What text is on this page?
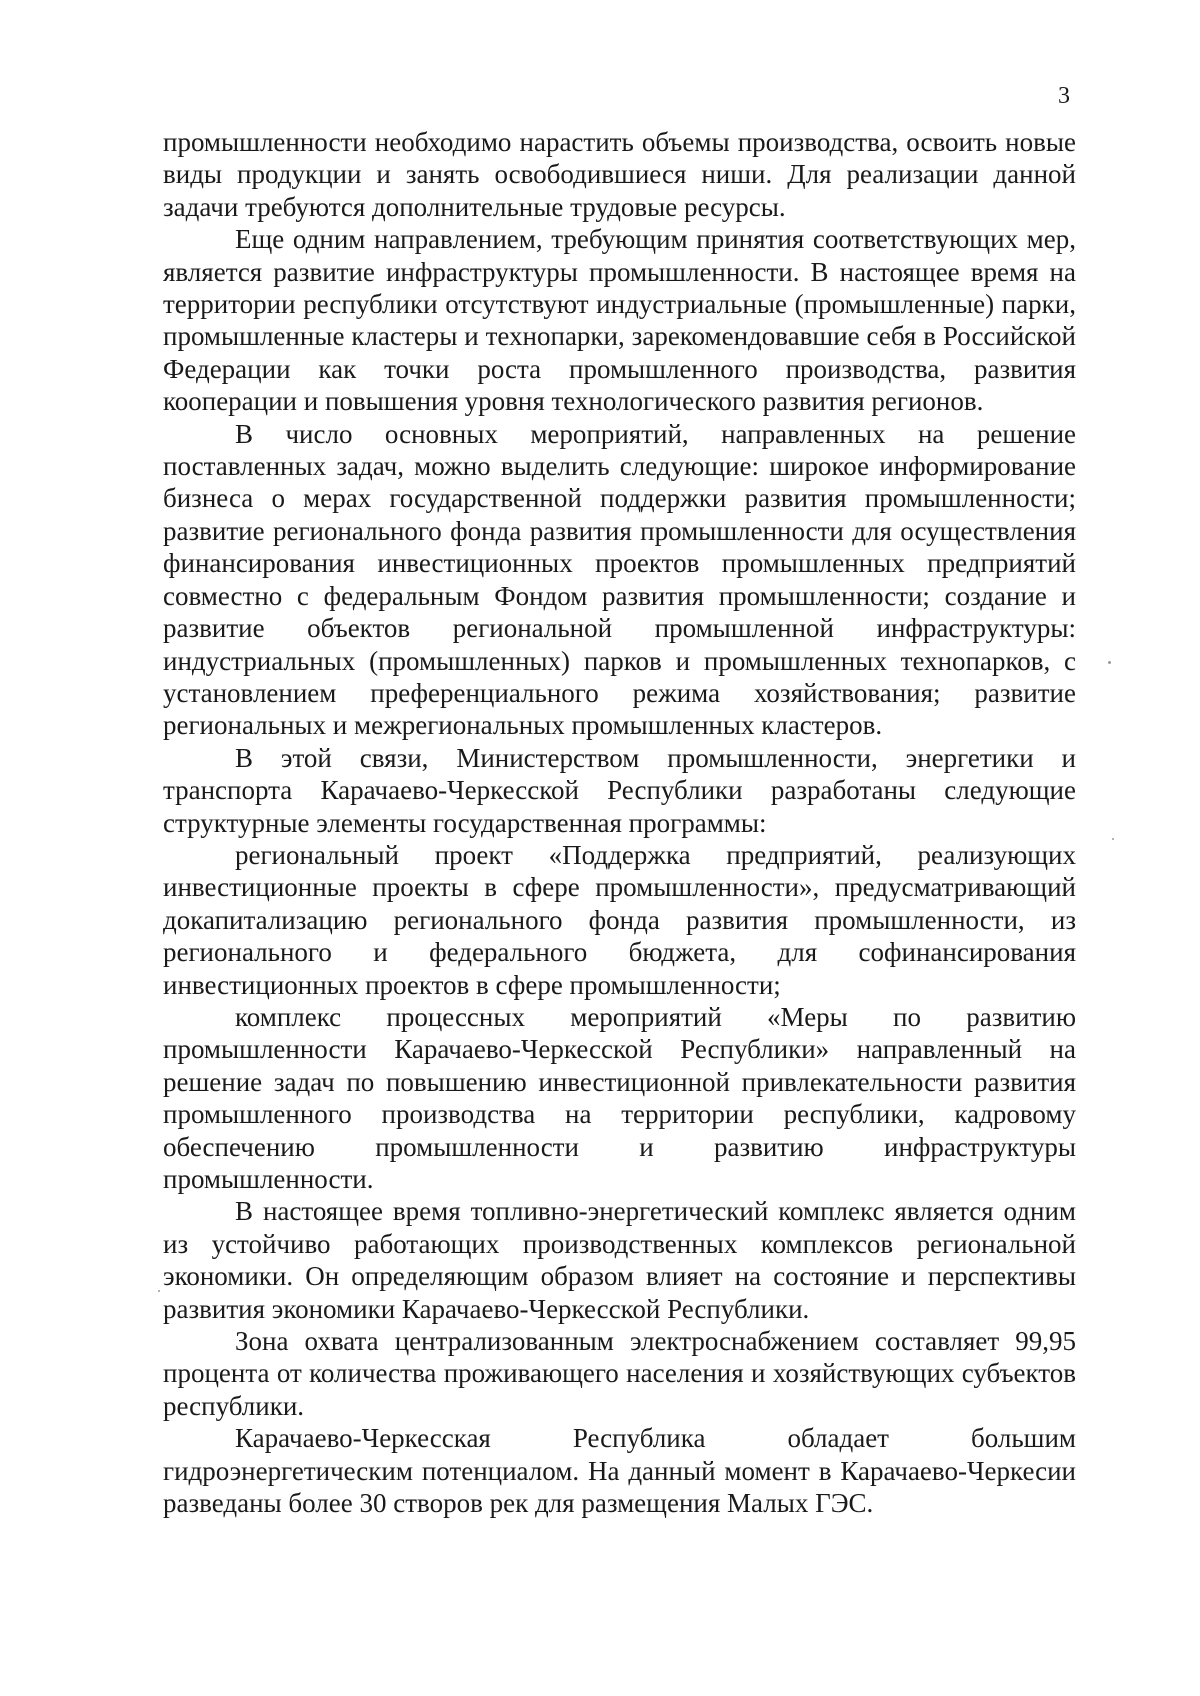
3

промышленности необходимо нарастить объемы производства, освоить новые виды продукции и занять освободившиеся ниши. Для реализации данной задачи требуются дополнительные трудовые ресурсы.

Еще одним направлением, требующим принятия соответствующих мер, является развитие инфраструктуры промышленности. В настоящее время на территории республики отсутствуют индустриальные (промышленные) парки, промышленные кластеры и технопарки, зарекомендовавшие себя в Российской Федерации как точки роста промышленного производства, развития кооперации и повышения уровня технологического развития регионов.

В число основных мероприятий, направленных на решение поставленных задач, можно выделить следующие: широкое информирование бизнеса о мерах государственной поддержки развития промышленности; развитие регионального фонда развития промышленности для осуществления финансирования инвестиционных проектов промышленных предприятий совместно с федеральным Фондом развития промышленности; создание и развитие объектов региональной промышленной инфраструктуры: индустриальных (промышленных) парков и промышленных технопарков, с установлением преференциального режима хозяйствования; развитие региональных и межрегиональных промышленных кластеров.

В этой связи, Министерством промышленности, энергетики и транспорта Карачаево-Черкесской Республики разработаны следующие структурные элементы государственная программы:

региональный проект «Поддержка предприятий, реализующих инвестиционные проекты в сфере промышленности», предусматривающий докапитализацию регионального фонда развития промышленности, из регионального и федерального бюджета, для софинансирования инвестиционных проектов в сфере промышленности;

комплекс процессных мероприятий «Меры по развитию промышленности Карачаево-Черкесской Республики» направленный на решение задач по повышению инвестиционной привлекательности развития промышленного производства на территории республики, кадровому обеспечению промышленности и развитию инфраструктуры промышленности.

В настоящее время топливно-энергетический комплекс является одним из устойчиво работающих производственных комплексов региональной экономики. Он определяющим образом влияет на состояние и перспективы развития экономики Карачаево-Черкесской Республики.

Зона охвата централизованным электроснабжением составляет 99,95 процента от количества проживающего населения и хозяйствующих субъектов республики.

Карачаево-Черкесская Республика обладает большим гидроэнергетическим потенциалом. На данный момент в Карачаево-Черкесии разведаны более 30 створов рек для размещения Малых ГЭС.
